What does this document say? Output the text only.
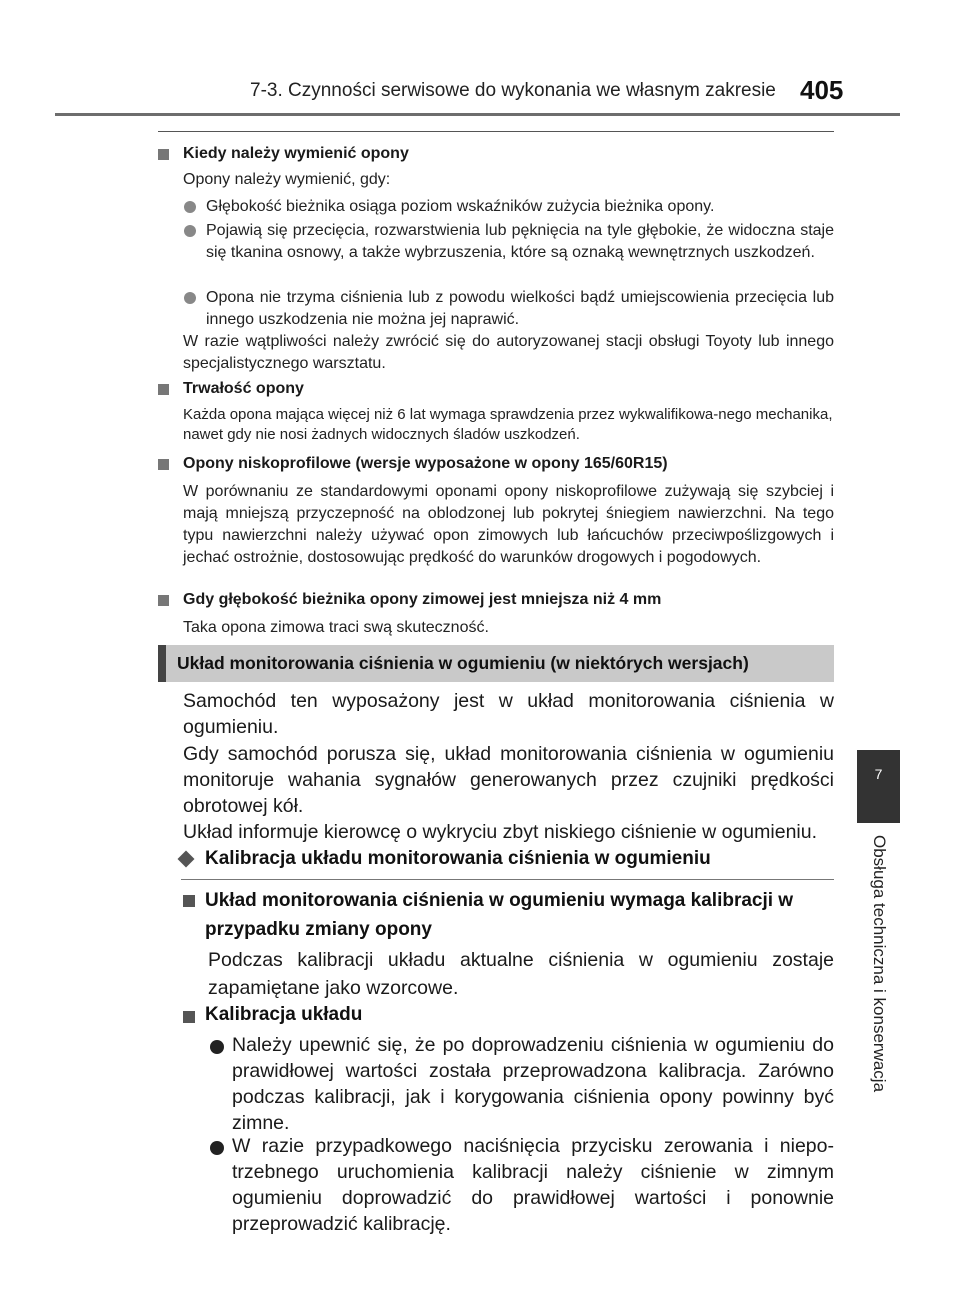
7-3. Czynności serwisowe do wykonania we własnym zakresie 405
7
Obsługa techniczna i konserwacja

Kiedy należy wymienić opony

Opony należy wymienić, gdy:

Głębokość bieżnika osiąga poziom wskaźników zużycia bieżnika opony.

Pojawią się przecięcia, rozwarstwienia lub pęknięcia na tyle głębokie, że widoczna staje się tkanina osnowy, a także wybrzuszenia, które są oznaką wewnętrznych uszkodzeń.

Opona nie trzyma ciśnienia lub z powodu wielkości bądź umiejscowienia przecięcia lub innego uszkodzenia nie można jej naprawić.

W razie wątpliwości należy zwrócić się do autoryzowanej stacji obsługi Toyoty lub innego specjalistycznego warsztatu.

Trwałość opony

Każda opona mająca więcej niż 6 lat wymaga sprawdzenia przez wykwalifikowa-nego mechanika, nawet gdy nie nosi żadnych widocznych śladów uszkodzeń.

Opony niskoprofilowe (wersje wyposażone w opony 165/60R15)

W porównaniu ze standardowymi oponami opony niskoprofilowe zużywają się szybciej i mają mniejszą przyczepność na oblodzonej lub pokrytej śniegiem nawierzchni. Na tego typu nawierzchni należy używać opon zimowych lub łańcuchów przeciwpoślizgowych i jechać ostrożnie, dostosowując prędkość do warunków drogowych i pogodowych.

Gdy głębokość bieżnika opony zimowej jest mniejsza niż 4 mm

Taka opona zimowa traci swą skuteczność.

Układ monitorowania ciśnienia w ogumieniu (w niektórych wersjach)

Samochód ten wyposażony jest w układ monitorowania ciśnienia w ogumieniu.

Gdy samochód porusza się, układ monitorowania ciśnienia w ogumieniu monitoruje wahania sygnałów generowanych przez czujniki prędkości obrotowej kół.

Układ informuje kierowcę o wykryciu zbyt niskiego ciśnienie w ogumieniu.

Kalibracja układu monitorowania ciśnienia w ogumieniu

Układ monitorowania ciśnienia w ogumieniu wymaga kalibracji w przypadku zmiany opony

Podczas kalibracji układu aktualne ciśnienia w ogumieniu zostaje zapamiętane jako wzorcowe.

Kalibracja układu

Należy upewnić się, że po doprowadzeniu ciśnienia w ogumieniu do prawidłowej wartości została przeprowadzona kalibracja. Zarówno podczas kalibracji, jak i korygowania ciśnienia opony powinny być zimne.

W razie przypadkowego naciśnięcia przycisku zerowania i niepo-trzebnego uruchomienia kalibracji należy ciśnienie w zimnym ogumieniu doprowadzić do prawidłowej wartości i ponownie przeprowadzić kalibrację.
